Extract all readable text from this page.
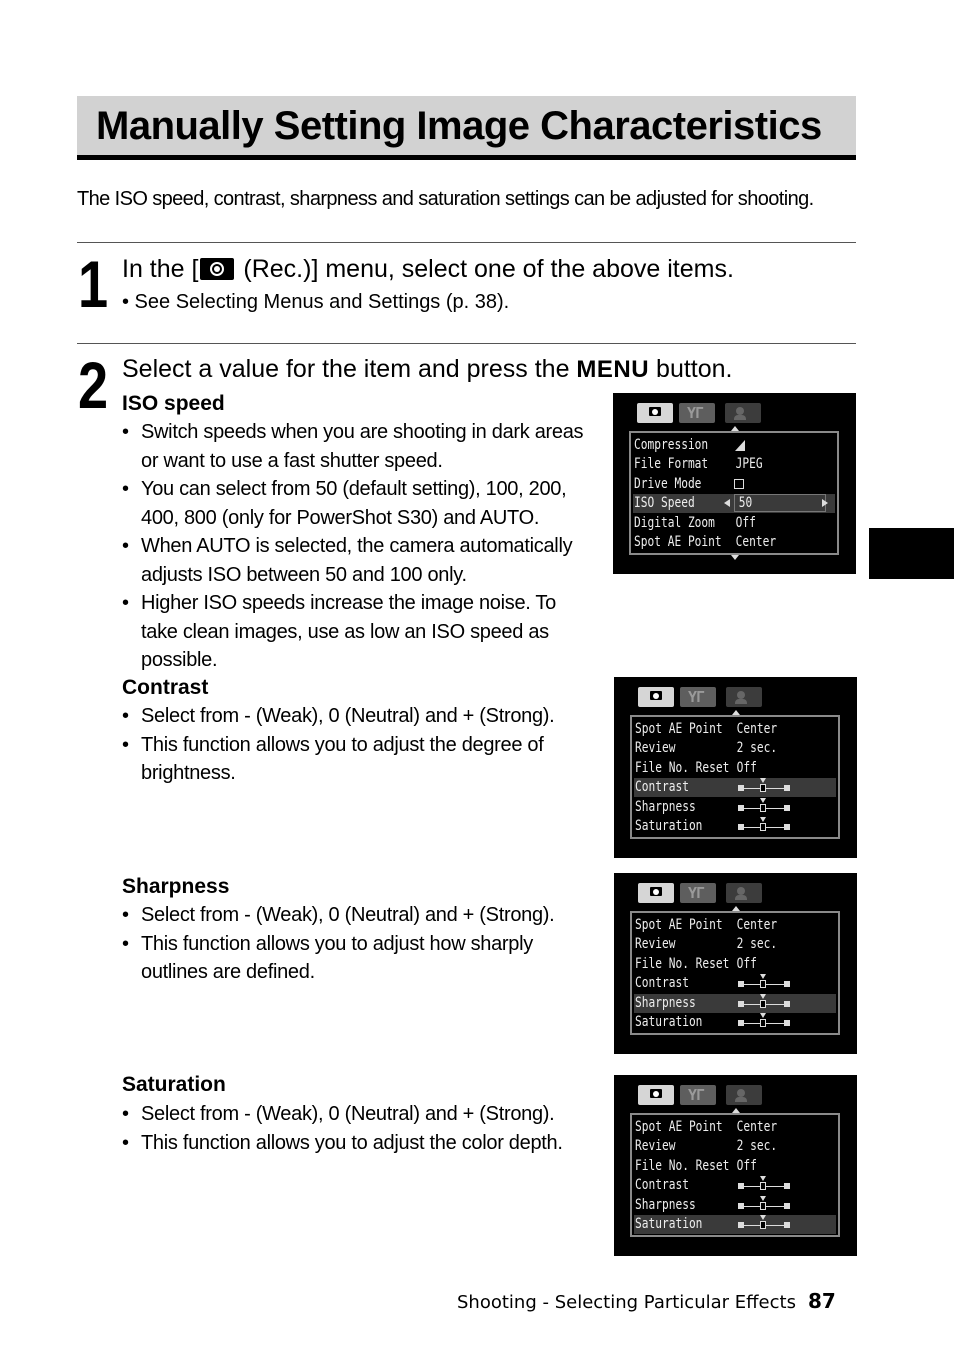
Manually Setting Image Characteristics
The ISO speed, contrast, sharpness and saturation settings can be adjusted for shooting.
1 In the [ (Rec.)] menu, select one of the above items.
• See Selecting Menus and Settings (p. 38).
2 Select a value for the item and press the MENU button.
ISO speed
• Switch speeds when you are shooting in dark areas or want to use a fast shutter speed.
• You can select from 50 (default setting), 100, 200, 400, 800 (only for PowerShot S30) and AUTO.
• When AUTO is selected, the camera automatically adjusts ISO between 50 and 100 only.
• Higher ISO speeds increase the image noise. To take clean images, use as low an ISO speed as possible.
Contrast
• Select from - (Weak), 0 (Neutral) and + (Strong).
• This function allows you to adjust the degree of brightness.
Sharpness
• Select from - (Weak), 0 (Neutral) and + (Strong).
• This function allows you to adjust how sharply outlines are defined.
Saturation
• Select from - (Weak), 0 (Neutral) and + (Strong).
• This function allows you to adjust the color depth.
ΥΓ
Compression
File Format JPEG
Drive Mode
ISO Speed	50
Digital Zoom Off
Spot AE Point Center
ΥΓ
Spot AE Point Center
Review	2 sec.
File No. Reset Off
Contrast
Sharpness
Saturation
ΥΓ
Spot AE Point Center
Review	2 sec.
File No. Reset Off
Contrast
Sharpness
Saturation
ΥΓ
Spot AE Point Center
Review	2 sec.
File No. Reset Off
Contrast
Sharpness
Saturation
Shooting - Selecting Particular Effects 87
